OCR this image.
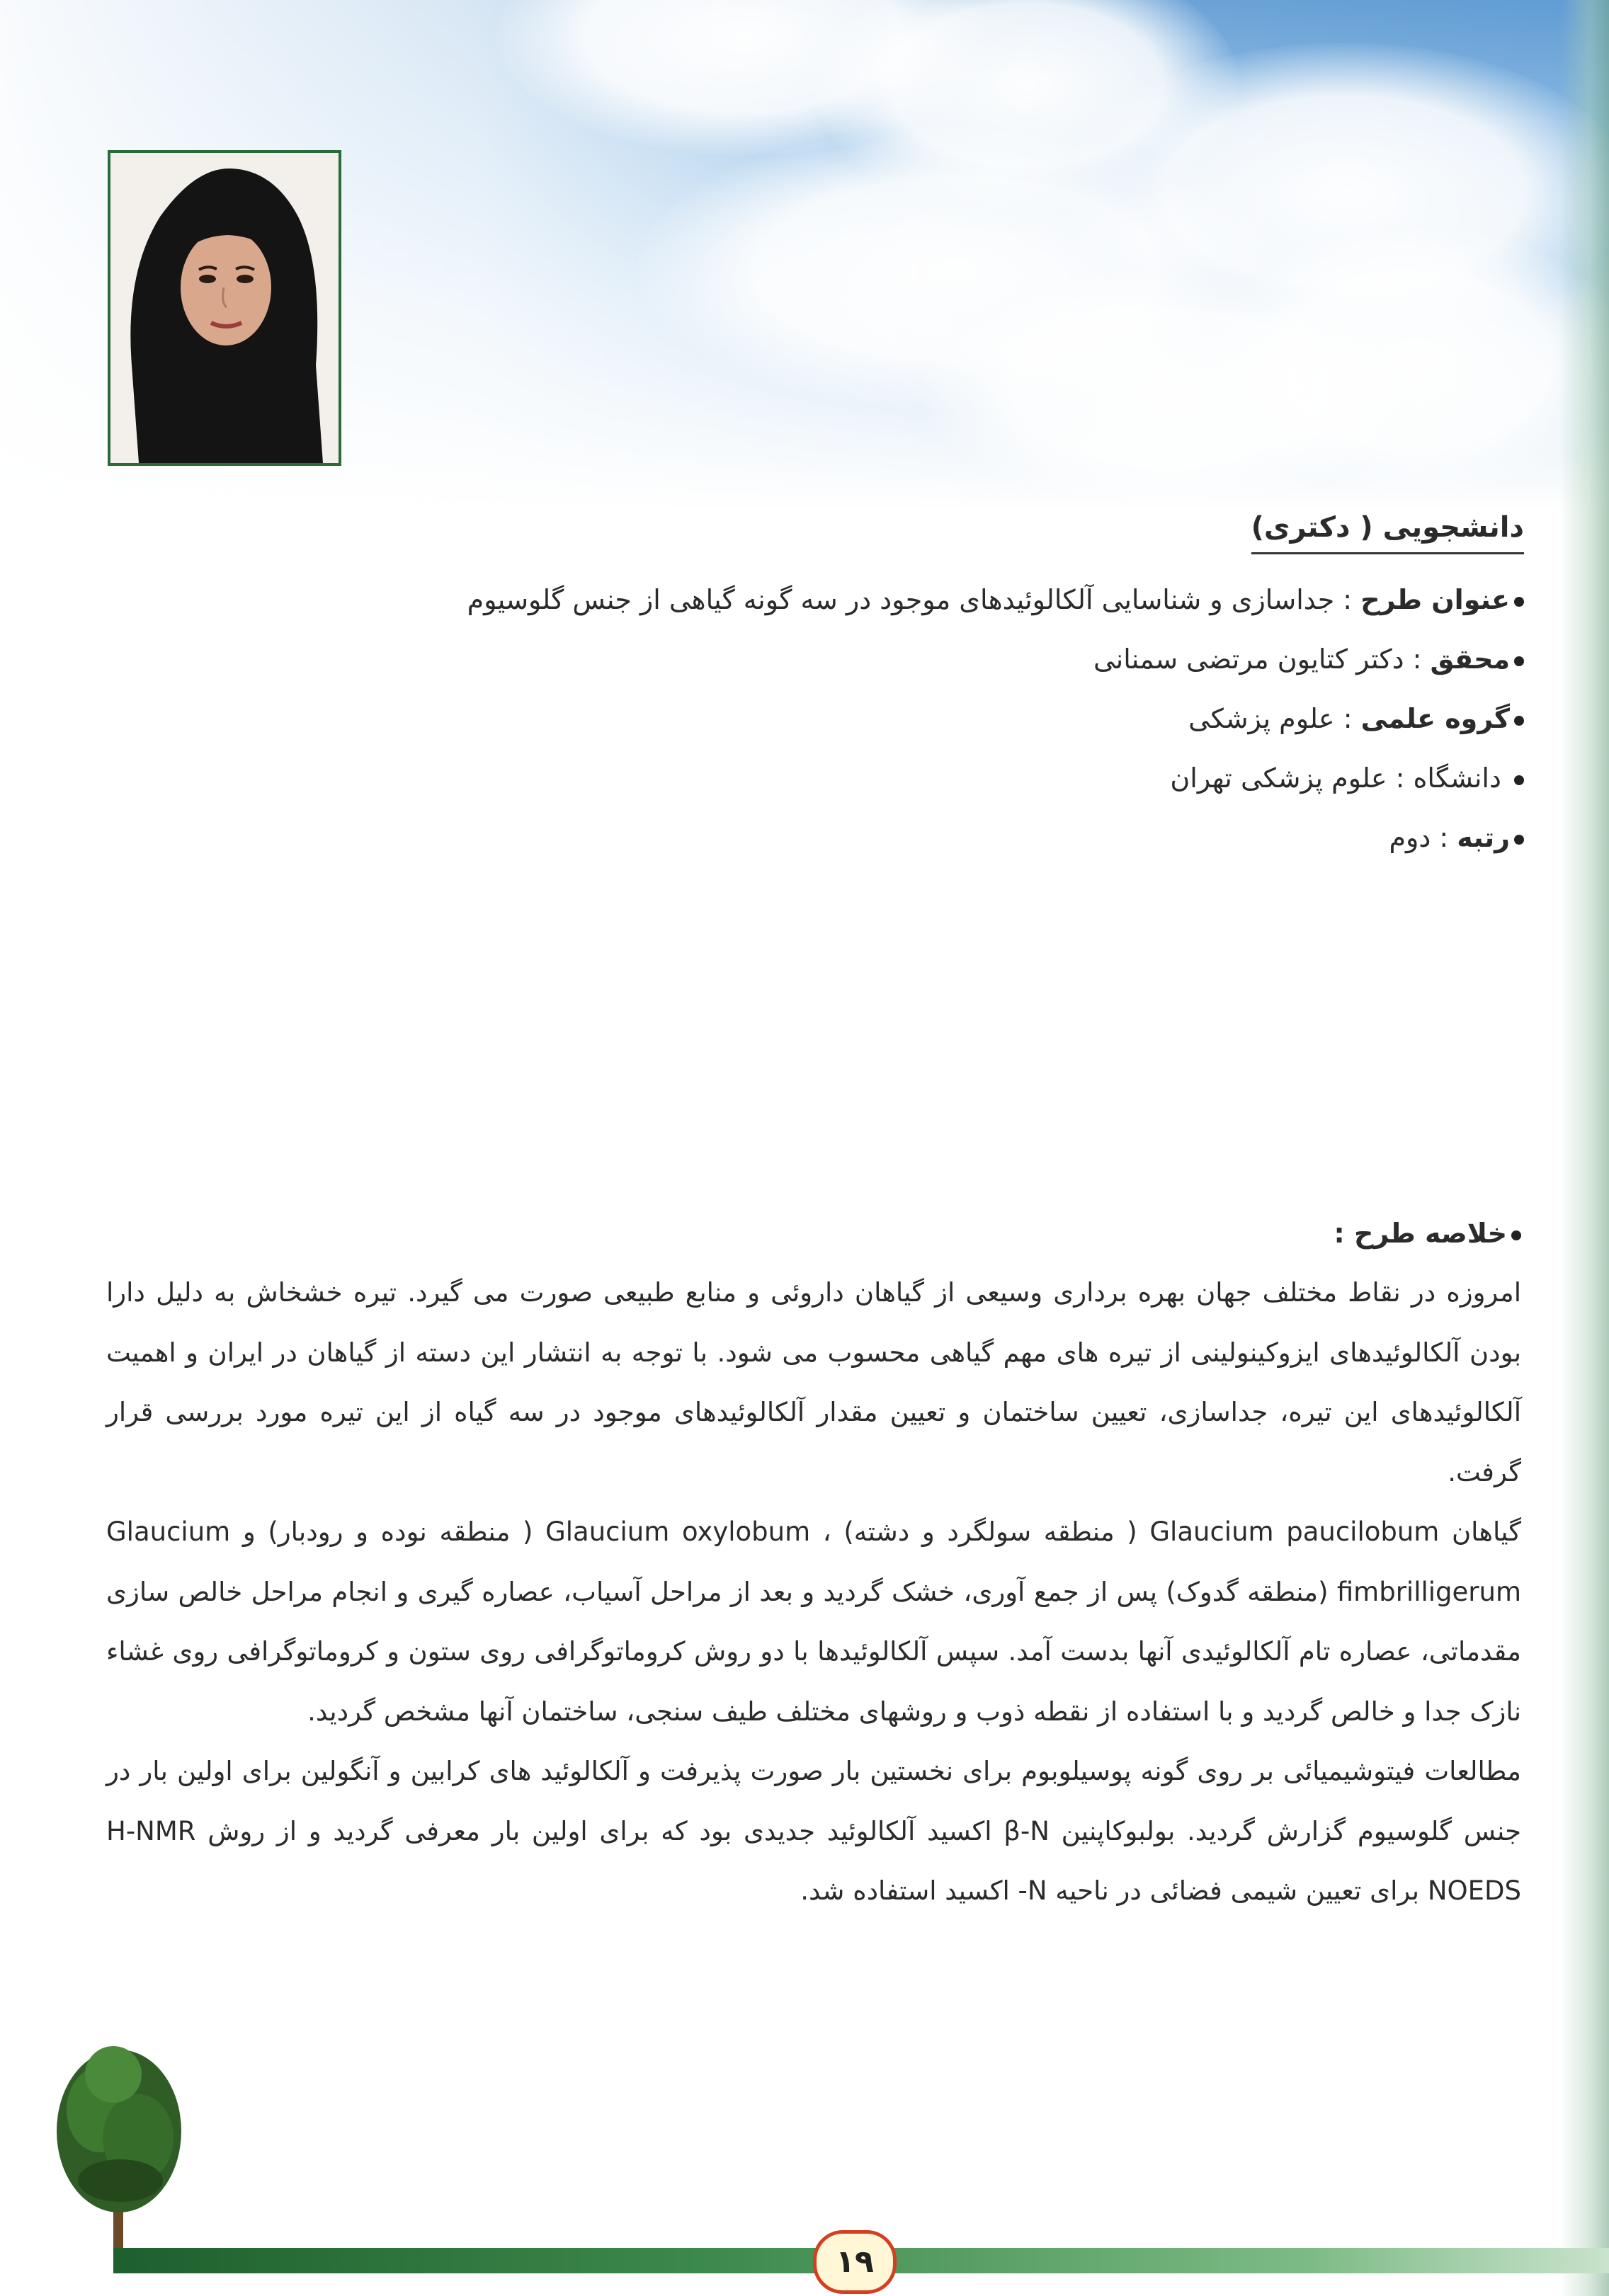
دانشجویی ( دکتری)
عنوان طرح : جداسازی و شناسایی آلکالوئیدهای موجود در سه گونه گیاهی از جنس گلوسیوم
محقق : دکتر کتایون مرتضی سمنانی
گروه علمی : علوم پزشکی
دانشگاه : علوم پزشکی تهران
رتبه : دوم
خلاصه طرح :

امروزه در نقاط مختلف جهان بهره برداری وسیعی از گیاهان داروئی و منابع طبیعی صورت می گیرد. تیره خشخاش به دلیل دارا بودن آلکالوئیدهای ایزوکینولینی از تیره های مهم گیاهی محسوب می شود. با توجه به انتشار این دسته از گیاهان در ایران و اهمیت آلکالوئیدهای این تیره، جداسازی، تعیین ساختمان و تعیین مقدار آلکالوئیدهای موجود در سه گیاه از این تیره مورد بررسی قرار گرفت.

گیاهان Glaucium paucilobum ( منطقه سولگرد و دشته) ، Glaucium oxylobum ( منطقه نوده و رودبار) و Glaucium fimbrilligerum (منطقه گدوک) پس از جمع آوری، خشک گردید و بعد از مراحل آسیاب، عصاره گیری و انجام مراحل خالص سازی مقدماتی، عصاره تام آلکالوئیدی آنها بدست آمد. سپس آلکالوئیدها با دو روش کروماتوگرافی روی ستون و کروماتوگرافی روی غشاء نازک جدا و خالص گردید و با استفاده از نقطه ذوب و روشهای مختلف طیف سنجی، ساختمان آنها مشخص گردید.

مطالعات فیتوشیمیائی بر روی گونه پوسیلوبوم برای نخستین بار صورت پذیرفت و آلکالوئید های کرابین و آنگولین برای اولین بار در جنس گلوسیوم گزارش گردید. بولبوکاپنین β-N اکسید آلکالوئید جدیدی بود که برای اولین بار معرفی گردید و از روش H-NMR NOEDS برای تعیین شیمی فضائی در ناحیه N- اکسید استفاده شد.

۱۹
